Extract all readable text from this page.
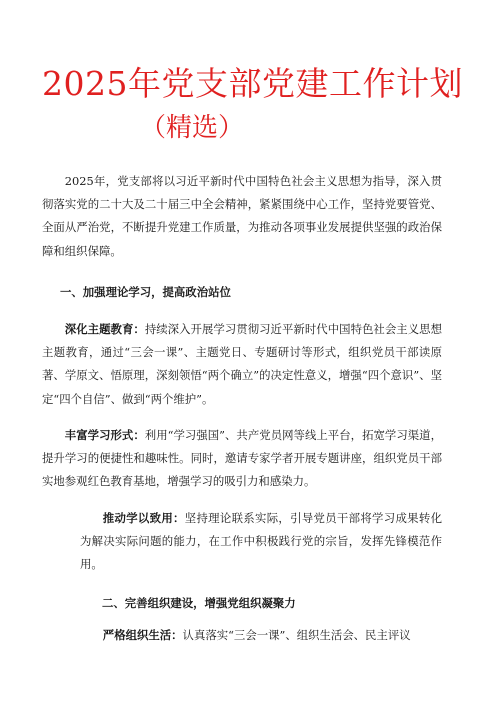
2025年党支部党建工作计划
（精选）

2025年，党支部将以习近平新时代中国特色社会主义思想为指导，深入贯彻落实党的二十大及二十届三中全会精神，紧紧围绕中心工作，坚持党要管党、全面从严治党，不断提升党建工作质量，为推动各项事业发展提供坚强的政治保障和组织保障。

一、加强理论学习，提高政治站位

深化主题教育：持续深入开展学习贯彻习近平新时代中国特色社会主义思想主题教育，通过“三会一课”、主题党日、专题研讨等形式，组织党员干部读原著、学原文、悟原理，深刻领悟“两个确立”的决定性意义，增强“四个意识”、坚定“四个自信”、做到“两个维护”。

丰富学习形式：利用“学习强国”、共产党员网等线上平台，拓宽学习渠道，提升学习的便捷性和趣味性。同时，邀请专家学者开展专题讲座，组织党员干部实地参观红色教育基地，增强学习的吸引力和感染力。

推动学以致用：坚持理论联系实际，引导党员干部将学习成果转化为解决实际问题的能力，在工作中积极践行党的宗旨，发挥先锋模范作用。

二、完善组织建设，增强党组织凝聚力

严格组织生活：认真落实“三会一课”、组织生活会、民主评议
